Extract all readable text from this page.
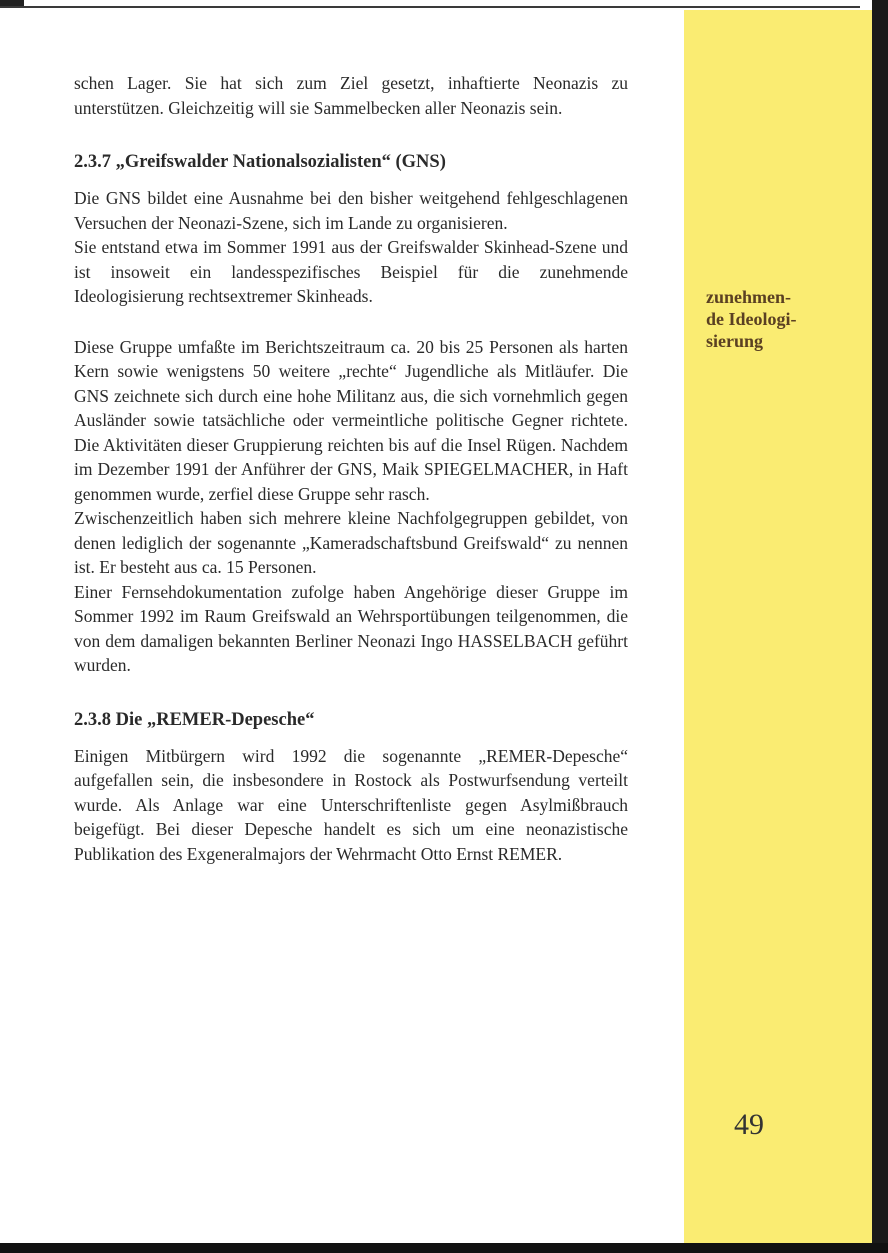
schen Lager. Sie hat sich zum Ziel gesetzt, inhaftierte Neonazis zu unterstützen. Gleichzeitig will sie Sammelbecken aller Neonazis sein.

2.3.7 „Greifswalder Nationalsozialisten“ (GNS)

Die GNS bildet eine Ausnahme bei den bisher weitgehend fehlgeschlagenen Versuchen der Neonazi-Szene, sich im Lande zu organisieren.

Sie entstand etwa im Sommer 1991 aus der Greifswalder Skinhead-Szene und ist insoweit ein landesspezifisches Beispiel für die zunehmende Ideologisierung rechtsextremer Skinheads.

Diese Gruppe umfaßte im Berichtszeitraum ca. 20 bis 25 Personen als harten Kern sowie wenigstens 50 weitere „rechte“ Jugendliche als Mitläufer. Die GNS zeichnete sich durch eine hohe Militanz aus, die sich vornehmlich gegen Ausländer sowie tatsächliche oder vermeintliche politische Gegner richtete. Die Aktivitäten dieser Gruppierung reichten bis auf die Insel Rügen. Nachdem im Dezember 1991 der Anführer der GNS, Maik SPIEGELMACHER, in Haft genommen wurde, zerfiel diese Gruppe sehr rasch.

Zwischenzeitlich haben sich mehrere kleine Nachfolgegruppen gebildet, von denen lediglich der sogenannte „Kameradschaftsbund Greifswald“ zu nennen ist. Er besteht aus ca. 15 Personen.

Einer Fernsehdokumentation zufolge haben Angehörige dieser Gruppe im Sommer 1992 im Raum Greifswald an Wehrsportübungen teilgenommen, die von dem damaligen bekannten Berliner Neonazi Ingo HASSELBACH geführt wurden.

2.3.8 Die „REMER-Depesche“

Einigen Mitbürgern wird 1992 die sogenannte „REMER-Depesche“ aufgefallen sein, die insbesondere in Rostock als Postwurfsendung verteilt wurde. Als Anlage war eine Unterschriftenliste gegen Asylmißbrauch beigefügt. Bei dieser Depesche handelt es sich um eine neonazistische Publikation des Exgeneralmajors der Wehrmacht Otto Ernst REMER.

zunehmen-
de Ideologi-
sierung
49
